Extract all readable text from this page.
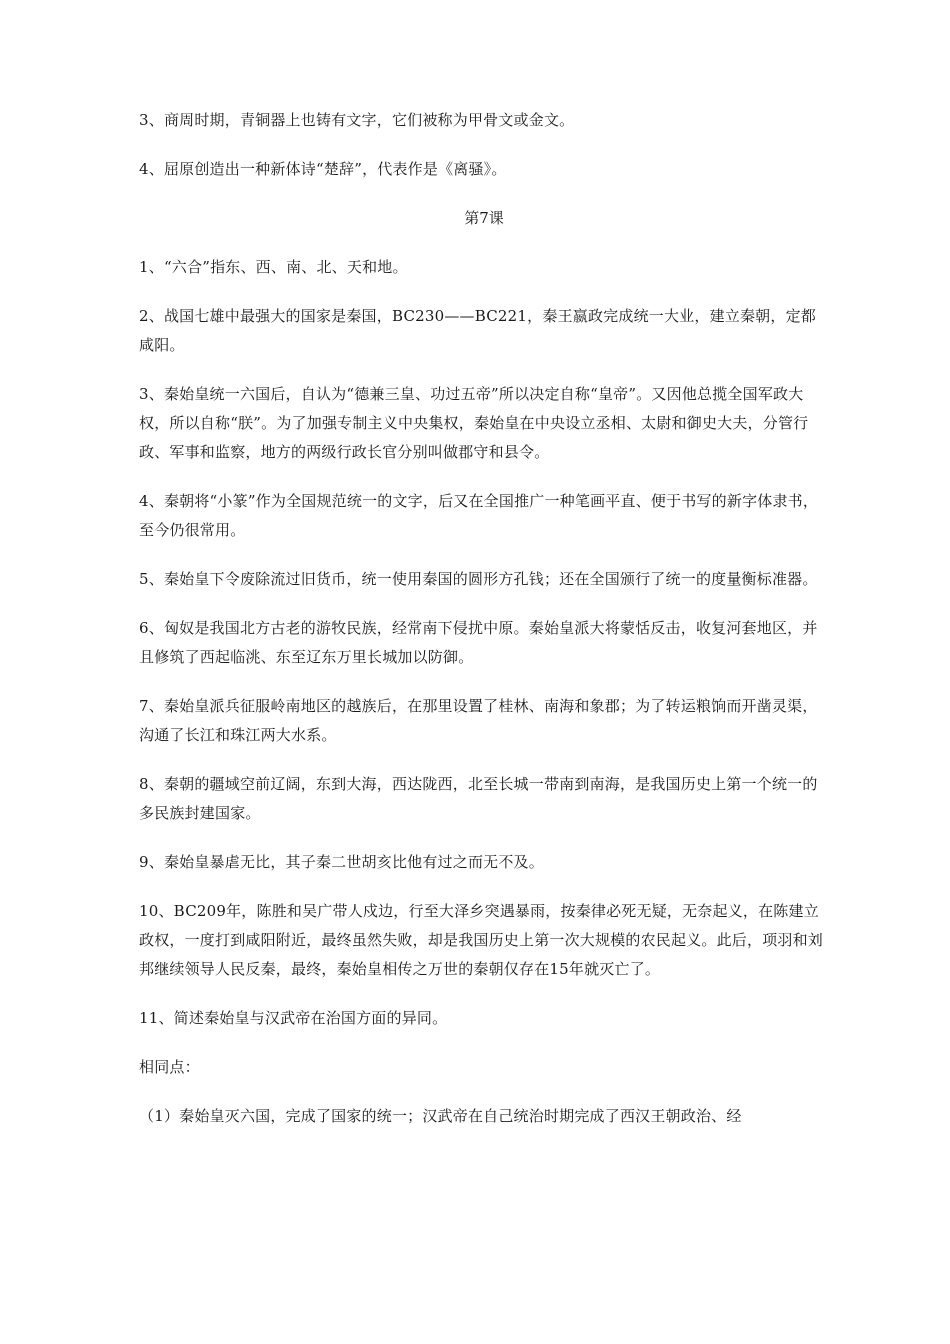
3、商周时期，青铜器上也铸有文字，它们被称为甲骨文或金文。

4、屈原创造出一种新体诗“楚辞”，代表作是《离骚》。

第7课

1、“六合”指东、西、南、北、天和地。

2、战国七雄中最强大的国家是秦国，BC230——BC221，秦王嬴政完成统一大业，建立秦朝，定都咸阳。

3、秦始皇统一六国后，自认为“德兼三皇、功过五帝”所以决定自称“皇帝”。又因他总揽全国军政大权，所以自称“朕”。为了加强专制主义中央集权，秦始皇在中央设立丞相、太尉和御史大夫，分管行政、军事和监察，地方的两级行政长官分别叫做郡守和县令。

4、秦朝将“小篆”作为全国规范统一的文字，后又在全国推广一种笔画平直、便于书写的新字体隶书，至今仍很常用。

5、秦始皇下令废除流过旧货币，统一使用秦国的圆形方孔钱；还在全国颁行了统一的度量衡标准器。

6、匈奴是我国北方古老的游牧民族，经常南下侵扰中原。秦始皇派大将蒙恬反击，收复河套地区，并且修筑了西起临洮、东至辽东万里长城加以防御。

7、秦始皇派兵征服岭南地区的越族后，在那里设置了桂林、南海和象郡；为了转运粮饷而开凿灵渠，沟通了长江和珠江两大水系。

8、秦朝的疆域空前辽阔，东到大海，西达陇西，北至长城一带南到南海，是我国历史上第一个统一的多民族封建国家。

9、秦始皇暴虐无比，其子秦二世胡亥比他有过之而无不及。

10、BC209年，陈胜和吴广带人戍边，行至大泽乡突遇暴雨，按秦律必死无疑，无奈起义，在陈建立政权，一度打到咸阳附近，最终虽然失败，却是我国历史上第一次大规模的农民起义。此后，项羽和刘邦继续领导人民反秦，最终，秦始皇相传之万世的秦朝仅存在15年就灭亡了。

11、简述秦始皇与汉武帝在治国方面的异同。

相同点：

（1）秦始皇灭六国，完成了国家的统一；汉武帝在自己统治时期完成了西汉王朝政治、经
